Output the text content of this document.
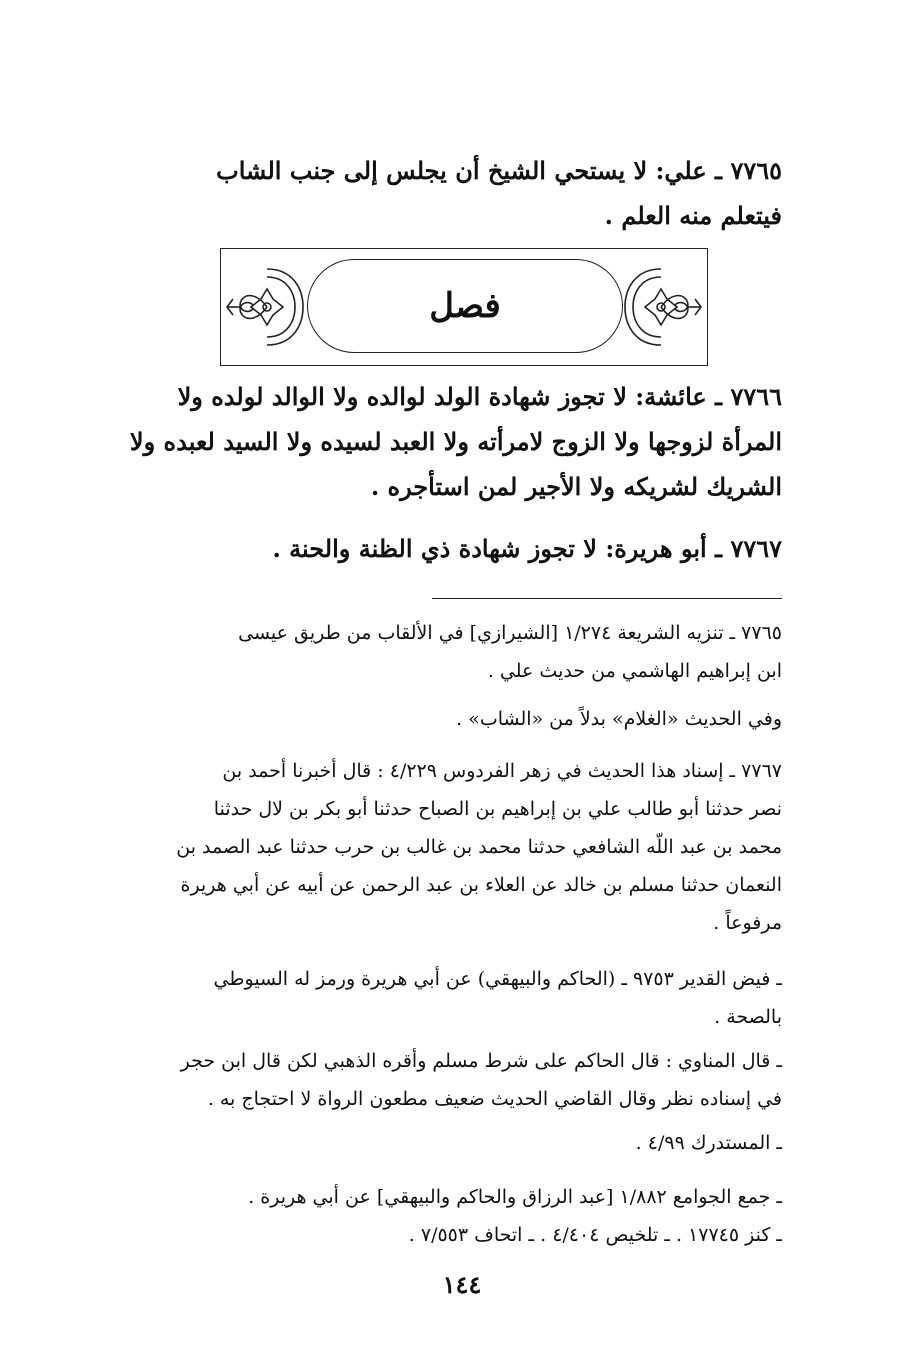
٧٧٦٥ ـ علي: لا يستحي الشيخ أن يجلس إلى جنب الشاب
فيتعلم منه العلم .
فصل
٧٧٦٦ ـ عائشة: لا تجوز شهادة الولد لوالده ولا الوالد لولده ولا
المرأة لزوجها ولا الزوج لامرأته ولا العبد لسيده ولا السيد لعبده ولا
الشريك لشريكه ولا الأجير لمن استأجره .
٧٧٦٧ ـ أبو هريرة: لا تجوز شهادة ذي الظنة والحنة .
٧٧٦٥ ـ تنزيه الشريعة ١/٢٧٤ [الشيرازي] في الألقاب من طريق عيسى
ابن إبراهيم الهاشمي من حديث علي .
وفي الحديث «الغلام» بدلاً من «الشاب» .
٧٧٦٧ ـ إسناد هذا الحديث في زهر الفردوس ٤/٢٢٩ : قال أخبرنا أحمد بن
نصر حدثنا أبو طالب علي بن إبراهيم بن الصباح حدثنا أبو بكر بن لال حدثنا
محمد بن عبد اللّه الشافعي حدثنا محمد بن غالب بن حرب حدثنا عبد الصمد بن
النعمان حدثنا مسلم بن خالد عن العلاء بن عبد الرحمن عن أبيه عن أبي هريرة
مرفوعاً .
ـ فيض القدير ٩٧٥٣ ـ (الحاكم والبيهقي) عن أبي هريرة ورمز له السيوطي
بالصحة .
ـ قال المناوي : قال الحاكم على شرط مسلم وأقره الذهبي لكن قال ابن حجر
في إسناده نظر وقال القاضي الحديث ضعيف مطعون الرواة لا احتجاج به .
ـ المستدرك ٤/٩٩ .
ـ جمع الجوامع ١/٨٨٢ [عبد الرزاق والحاكم والبيهقي] عن أبي هريرة .
ـ كنز ١٧٧٤٥ . ـ تلخيص ٤/٤٠٤ . ـ اتحاف ٧/٥٥٣ .
١٤٤
